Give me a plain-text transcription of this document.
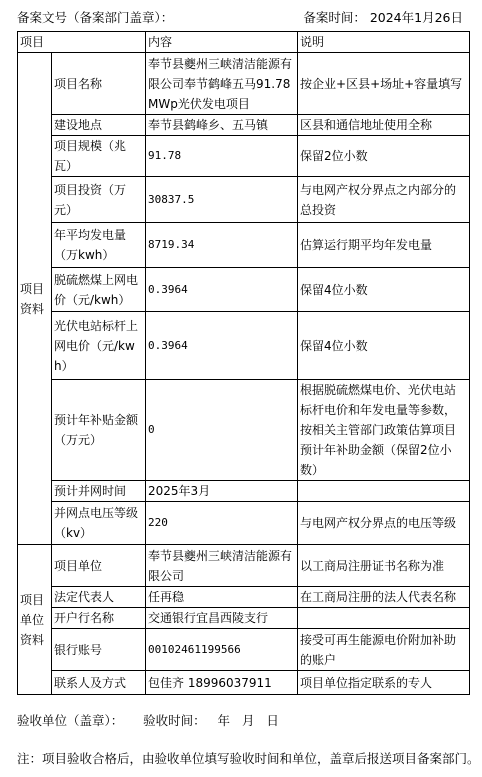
备案文号（备案部门盖章）：	备案时间： 2024年1月26日
项目		内容	说明
项目资料	项目名称	奉节县夔州三峡清洁能源有限公司奉节鹤峰五马91.78MWp光伏发电项目	按企业+区县+场址+容量填写
	建设地点	奉节县鹤峰乡、五马镇	区县和通信地址使用全称
	项目规模（兆瓦）	91.78	保留2位小数
	项目投资（万元）	30837.5	与电网产权分界点之内部分的总投资
	年平均发电量（万kwh）	8719.34	估算运行期平均年发电量
	脱硫燃煤上网电价（元/kwh）	0.3964	保留4位小数
	光伏电站标杆上网电价（元/kwh）	0.3964	保留4位小数
	预计年补贴金额（万元）	0	根据脱硫燃煤电价、光伏电站标杆电价和年发电量等参数，按相关主管部门政策估算项目预计年补助金额（保留2位小数）
	预计并网时间	2025年3月	
	并网点电压等级（kv）	220	与电网产权分界点的电压等级
项目单位资料	项目单位	奉节县夔州三峡清洁能源有限公司	以工商局注册证书名称为准
	法定代表人	任再稳	在工商局注册的法人代表名称
	开户行名称	交通银行宜昌西陵支行	
	银行账号	00102461199566	接受可再生能源电价附加补助的账户
	联系人及方式	包佳齐 18996037911	项目单位指定联系的专人
验收单位（盖章）：     验收时间：   年   月   日
注：项目验收合格后，由验收单位填写验收时间和单位，盖章后报送项目备案部门。
